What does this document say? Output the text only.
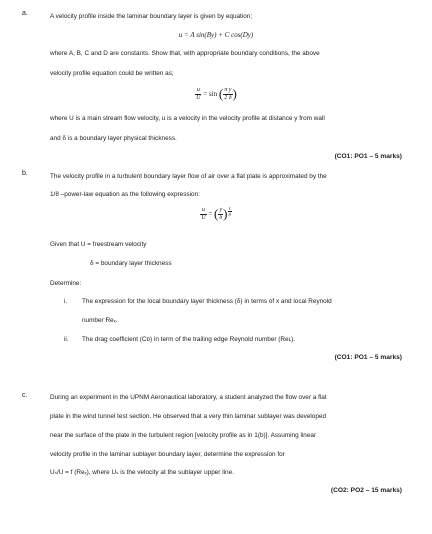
a.	A velocity profile inside the laminar boundary layer is given by equation;
u = A sin(By) + C cos(Dy)
where A, B, C and D are constants. Show that, with appropriate boundary conditions, the above
velocity profile equation could be written as;
$\frac{u}{U} = \sin$ ( $\frac{\text{π y}}{2 \delta}$ )
where U is a main stream flow velocity, u is a velocity in the velocity profile at distance y from wall
and δ is a boundary layer physical thickness.
(CO1: PO1 – 5 marks)
b.	The velocity profile in a turbulent boundary layer flow of air over a flat plate is approximated by the
1/8 –power-law equation as the following expression:
$\frac{u}{U}$ = ( $\frac{y}{\delta}$ ) $\frac{1}{8}$
Given that U = freestream velocity
δ = boundary layer thickness
Determine:
i. The expression for the local boundary layer thickness (δ) in terms of x and local Reynold
number Reₓ.
ii. The drag coefficient (Cᴅ) in term of the trailing edge Reynold number (Reʟ).
(CO1: PO1 – 5 marks)
c.	During an experiment in the UPNM Aeronautical laboratory, a student analyzed the flow over a flat
plate in the wind tunnel test section. He observed that a very thin laminar sublayer was developed
near the surface of the plate in the turbulent region [velocity profile as in 1(b)]. Assuming linear
velocity profile in the laminar sublayer boundary layer, determine the expression for
Uₛ/U = f (Reₓ), where Uₛ is the velocity at the sublayer upper line.
(CO2: PO2 – 15 marks)
